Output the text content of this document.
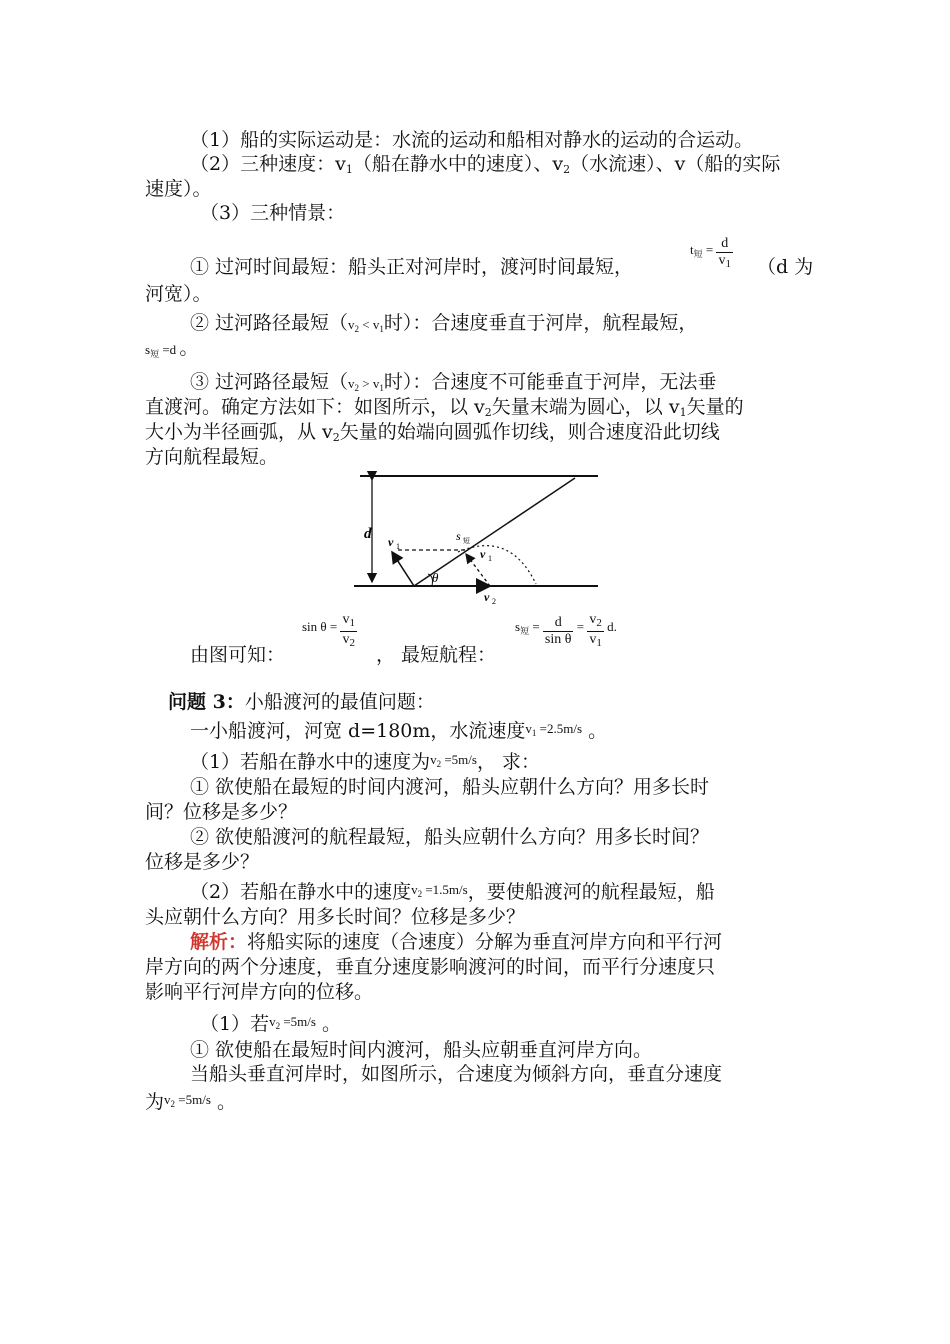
（1）船的实际运动是：水流的运动和船相对静水的运动的合运动。
（2）三种速度：$v_1$（船在静水中的速度）、$v_2$（水流速）、v（船的实际
速度）。
（3）三种情景：
① 过河时间最短：船头正对河岸时，渡河时间最短，
$t_短 = \frac{d}{v_1} (d$ 为
河宽）。
② 过河路径最短（$v_2 < v_1$时）：合速度垂直于河岸，航程最短，
$s_短 =d$ 。
③ 过河路径最短（$v_2 > v_1$时）：合速度不可能垂直于河岸，无法垂
直渡河。确定方法如下：如图所示，以 $v_2$矢量末端为圆心，以 $v_1$矢量的
大小为半径画弧，从 $v_2$矢量的始端向圆弧作切线，则合速度沿此切线
方向航程最短。
d v 1
s 短
v 1
θ
v 2
由图可知：
$\sin \theta = \frac{v_1}{v_2}$
， 最短航程：
$s_短 = \frac{d}{\text{sin θ}} = \frac{v_2}{v_1} d$.
问题 3：小船渡河的最值问题：
一小船渡河，河宽 d=180m，水流速度$^{v_1 =2.5m/s}$ 。
（1）若船在静水中的速度为$^{v_2 =5m/s}$， 求：
① 欲使船在最短的时间内渡河，船头应朝什么方向？用多长时
间？位移是多少？
② 欲使船渡河的航程最短，船头应朝什么方向？用多长时间？
位移是多少？
（2）若船在静水中的速度$^{v_2 =1.5m/s}$，要使船渡河的航程最短，船
头应朝什么方向？用多长时间？位移是多少？
解析：将船实际的速度（合速度）分解为垂直河岸方向和平行河
岸方向的两个分速度，垂直分速度影响渡河的时间，而平行分速度只
影响平行河岸方向的位移。
（1）若$^{v_2 =5m/s}$ 。
① 欲使船在最短时间内渡河，船头应朝垂直河岸方向。
当船头垂直河岸时，如图所示，合速度为倾斜方向，垂直分速度
为$^{v_2 =5m/s}$ 。
